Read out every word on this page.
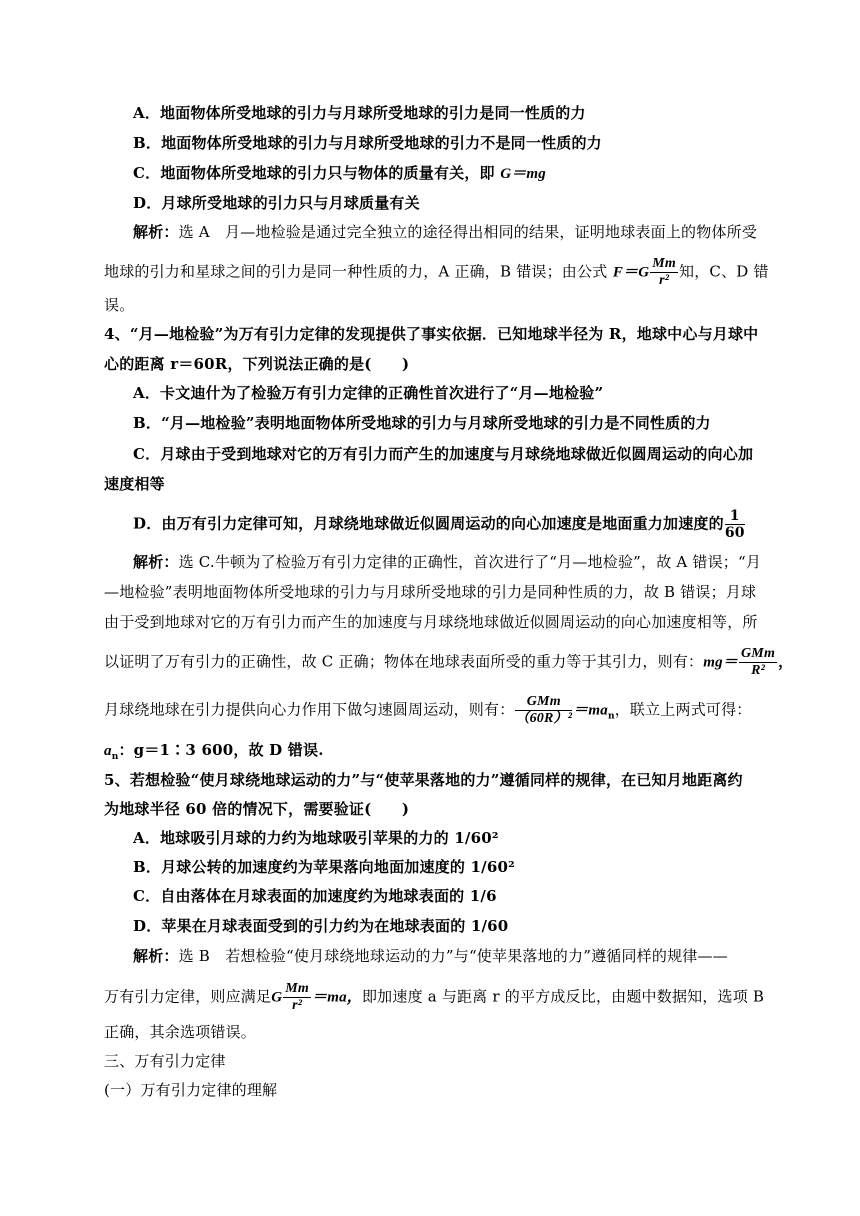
A．地面物体所受地球的引力与月球所受地球的引力是同一性质的力
B．地面物体所受地球的引力与月球所受地球的引力不是同一性质的力
C．地面物体所受地球的引力只与物体的质量有关，即 G＝mg
D．月球所受地球的引力只与月球质量有关
解析：选 A　月—地检验是通过完全独立的途径得出相同的结果，证明地球表面上的物体所受
地球的引力和星球之间的引力是同一种性质的力，A 正确，B 错误；由公式 $F=G \frac{Mm}{\text{r²}}$ 知，C、D 错
误。
4、“月—地检验”为万有引力定律的发现提供了事实依据．已知地球半径为 R，地球中心与月球中
心的距离 r＝60R，下列说法正确的是(　　)
A．卡文迪什为了检验万有引力定律的正确性首次进行了“月—地检验”
B．“月—地检验”表明地面物体所受地球的引力与月球所受地球的引力是不同性质的力
C．月球由于受到地球对它的万有引力而产生的加速度与月球绕地球做近似圆周运动的向心加
速度相等
D．由万有引力定律可知，月球绕地球做近似圆周运动的向心加速度是地面重力加速度的 $\frac{1}{60}$
解析：选 C.牛顿为了检验万有引力定律的正确性，首次进行了“月—地检验”，故 A 错误；“月
—地检验”表明地面物体所受地球的引力与月球所受地球的引力是同种性质的力，故 B 错误；月球
由于受到地球对它的万有引力而产生的加速度与月球绕地球做近似圆周运动的向心加速度相等，所
以证明了万有引力的正确性，故 C 正确；物体在地球表面所受的重力等于其引力，则有：$mg= \frac{\text{GMm}}{\text{R²}}$ ，
月球绕地球在引力提供向心力作用下做匀速圆周运动，则有： $\frac{\text{GMm}}{\text{（60R）²}} =ma_n$，联立上两式可得：
$a_n$：g＝1∶3 600，故 D 错误.
5、若想检验“使月球绕地球运动的力”与“使苹果落地的力”遵循同样的规律，在已知月地距离约
为地球半径 60 倍的情况下，需要验证(　　)
A．地球吸引月球的力约为地球吸引苹果的力的 1/60²
B．月球公转的加速度约为苹果落向地面加速度的 1/60²
C．自由落体在月球表面的加速度约为地球表面的 1/6
D．苹果在月球表面受到的引力约为在地球表面的 1/60
解析：选 B　若想检验“使月球绕地球运动的力”与“使苹果落地的力”遵循同样的规律——
万有引力定律，则应满足G $\frac{Mm}{\text{r²}} =ma$，即加速度 a 与距离 r 的平方成反比，由题中数据知，选项 B
正确，其余选项错误。
三、万有引力定律
(一）万有引力定律的理解
